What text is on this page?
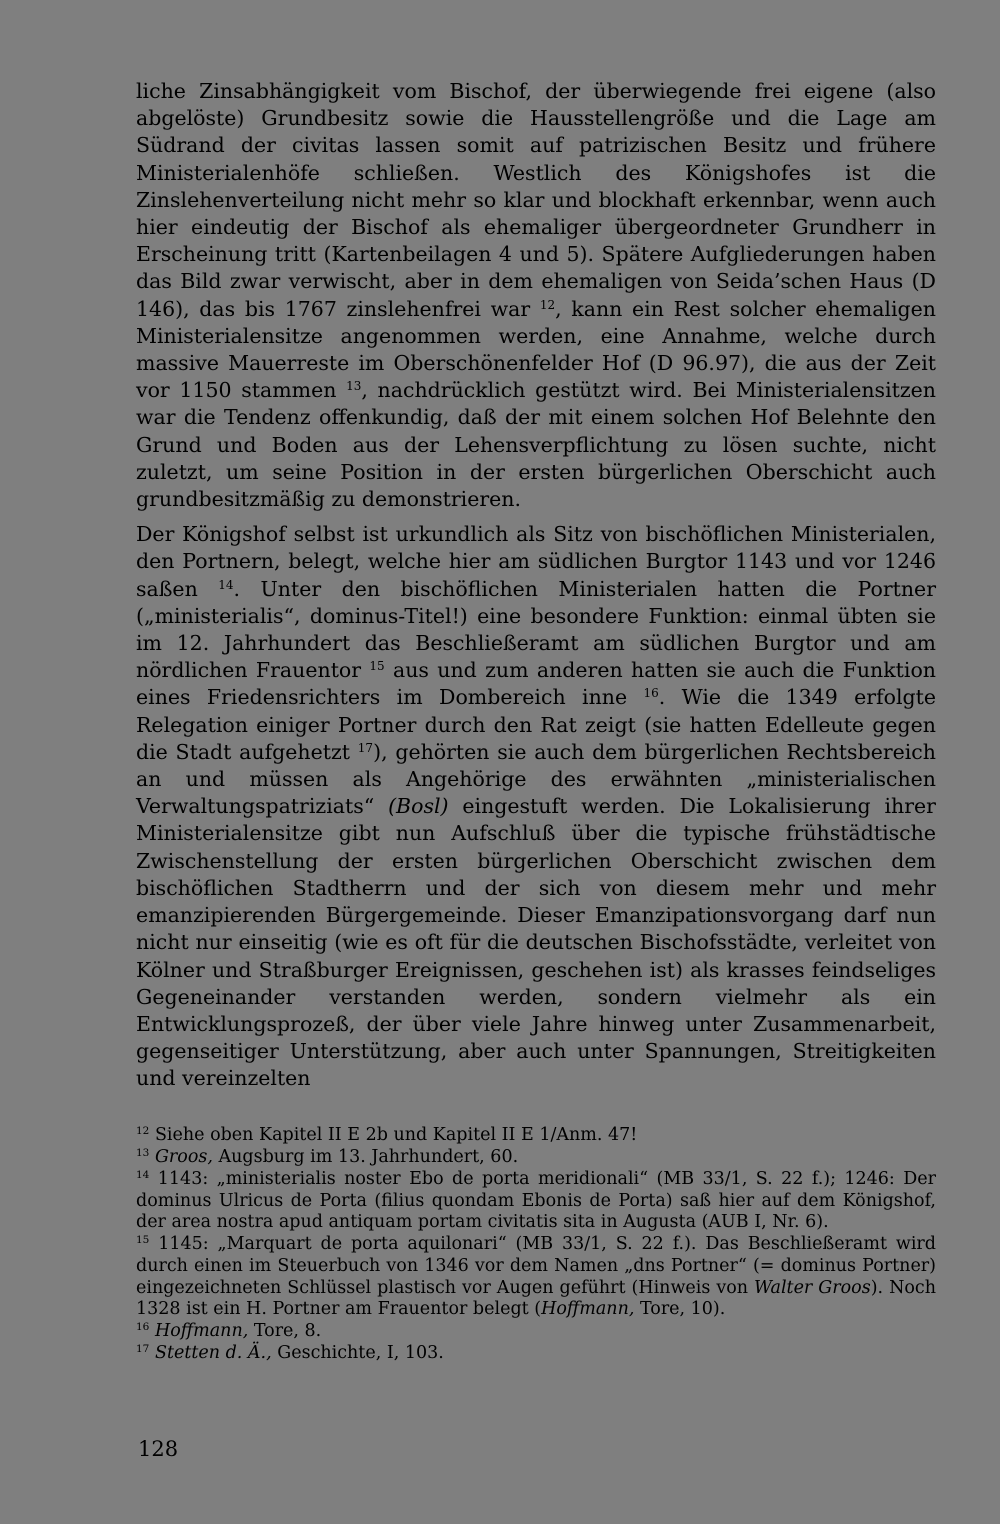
liche Zinsabhängigkeit vom Bischof, der überwiegende frei eigene (also abgelöste) Grundbesitz sowie die Hausstellengröße und die Lage am Südrand der civitas lassen somit auf patrizischen Besitz und frühere Ministerialenhöfe schließen. Westlich des Königshofes ist die Zinslehenverteilung nicht mehr so klar und blockhaft erkennbar, wenn auch hier eindeutig der Bischof als ehemaliger übergeordneter Grundherr in Erscheinung tritt (Kartenbeilagen 4 und 5). Spätere Aufgliederungen haben das Bild zwar verwischt, aber in dem ehemaligen von Seida’schen Haus (D 146), das bis 1767 zinslehenfrei war $^{12}$, kann ein Rest solcher ehemaligen Ministerialensitze angenommen werden, eine Annahme, welche durch massive Mauerreste im Oberschönenfelder Hof (D 96.97), die aus der Zeit vor 1150 stammen $^{13}$, nachdrücklich gestützt wird. Bei Ministerialensitzen war die Tendenz offenkundig, daß der mit einem solchen Hof Belehnte den Grund und Boden aus der Lehensverpflichtung zu lösen suchte, nicht zuletzt, um seine Position in der ersten bürgerlichen Oberschicht auch grundbesitzmäßig zu demonstrieren.

Der Königshof selbst ist urkundlich als Sitz von bischöflichen Ministerialen, den Portnern, belegt, welche hier am südlichen Burgtor 1143 und vor 1246 saßen $^{14}$. Unter den bischöflichen Ministerialen hatten die Portner („ministerialis“, dominus-Titel!) eine besondere Funktion: einmal übten sie im 12. Jahrhundert das Beschließeramt am südlichen Burgtor und am nördlichen Frauentor $^{15}$ aus und zum anderen hatten sie auch die Funktion eines Friedensrichters im Dombereich inne $^{16}$. Wie die 1349 erfolgte Relegation einiger Portner durch den Rat zeigt (sie hatten Edelleute gegen die Stadt aufgehetzt $^{17}$), gehörten sie auch dem bürgerlichen Rechtsbereich an und müssen als Angehörige des erwähnten „ministerialischen Verwaltungspatriziats“ (Bosl) eingestuft werden. Die Lokalisierung ihrer Ministerialensitze gibt nun Aufschluß über die typische frühstädtische Zwischenstellung der ersten bürgerlichen Oberschicht zwischen dem bischöflichen Stadtherrn und der sich von diesem mehr und mehr emanzipierenden Bürgergemeinde. Dieser Emanzipationsvorgang darf nun nicht nur einseitig (wie es oft für die deutschen Bischofsstädte, verleitet von Kölner und Straßburger Ereignissen, geschehen ist) als krasses feindseliges Gegeneinander verstanden werden, sondern vielmehr als ein Entwicklungsprozeß, der über viele Jahre hinweg unter Zusammenarbeit, gegenseitiger Unterstützung, aber auch unter Spannungen, Streitigkeiten und vereinzelten

$^{12}$ Siehe oben Kapitel II E 2b und Kapitel II E 1/Anm. 47!

$^{13}$ Groos, Augsburg im 13. Jahrhundert, 60.

$^{14}$ 1143: „ministerialis noster Ebo de porta meridionali“ (MB 33/1, S. 22 f.); 1246: Der dominus Ulricus de Porta (filius quondam Ebonis de Porta) saß hier auf dem Königshof, der area nostra apud antiquam portam civitatis sita in Augusta (AUB I, Nr. 6).

$^{15}$ 1145: „Marquart de porta aquilonari“ (MB 33/1, S. 22 f.). Das Beschließeramt wird durch einen im Steuerbuch von 1346 vor dem Namen „dns Portner“ (= dominus Portner) eingezeichneten Schlüssel plastisch vor Augen geführt (Hinweis von Walter Groos). Noch 1328 ist ein H. Portner am Frauentor belegt (Hoffmann, Tore, 10).

$^{16}$ Hoffmann, Tore, 8.

$^{17}$ Stetten d. Ä., Geschichte, I, 103.

128
